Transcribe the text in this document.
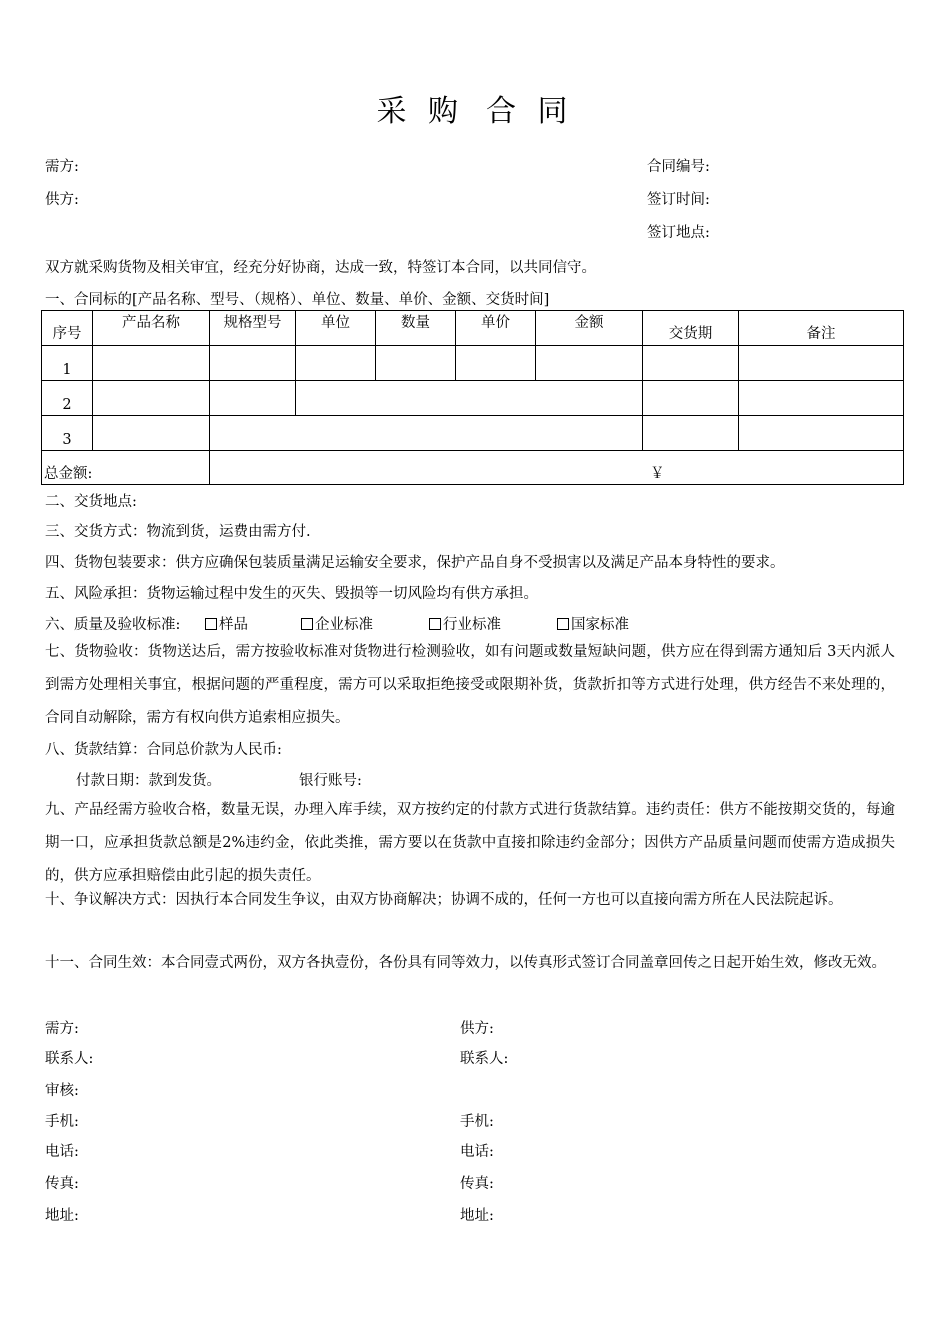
采 购 合 同
需方:
供方:
合同编号:
签订时间:
签订地点:
双方就采购货物及相关审宜，经充分好协商，达成一致，特签订本合同，以共同信守。
一、合同标的[产品名称、型号、（规格）、单位、数量、单价、金额、交货时间]
序号	产品名称	规格型号	单位	数量	单价	金额	交货期	备注
1								
2								
3								
总金额:		￥						
二、交货地点:
三、交货方式：物流到货，运费由需方付.
四、货物包装要求：供方应确保包装质量满足运输安全要求，保护产品自身不受损害以及满足产品本身特性的要求。
五、风险承担：货物运输过程中发生的灭失、毁损等一切风险均有供方承担。
六、质量及验收标准:	样品	企业标准	行业标准	国家标准
七、货物验收：货物送达后，需方按验收标准对货物进行检测验收，如有问题或数量短缺问题，供方应在得到需方通知后 3天内派人到需方处理相关事宜，根据问题的严重程度，需方可以采取拒绝接受或限期补货，货款折扣等方式进行处理，供方经告不来处理的，合同自动解除，需方有权向供方追索相应损失。
八、货款结算：合同总价款为人民币:
付款日期：款到发货。	银行账号:
九、产品经需方验收合格，数量无误，办理入库手续，双方按约定的付款方式进行货款结算。违约责任：供方不能按期交货的，每逾期一口，应承担货款总额是2%违约金，依此类推，需方要以在货款中直接扣除违约金部分；因供方产品质量问题而使需方造成损失的，供方应承担赔偿由此引起的损失责任。
十、争议解决方式：因执行本合同发生争议，由双方协商解决；协调不成的，任何一方也可以直接向需方所在人民法院起诉。
十一、合同生效：本合同壹式两份，双方各执壹份，各份具有同等效力，以传真形式签订合同盖章回传之日起开始生效，修改无效。
需方:
联系人:
审核:
手机:
电话:
传真:
地址:
供方:
联系人:
手机:
电话:
传真:
地址:
